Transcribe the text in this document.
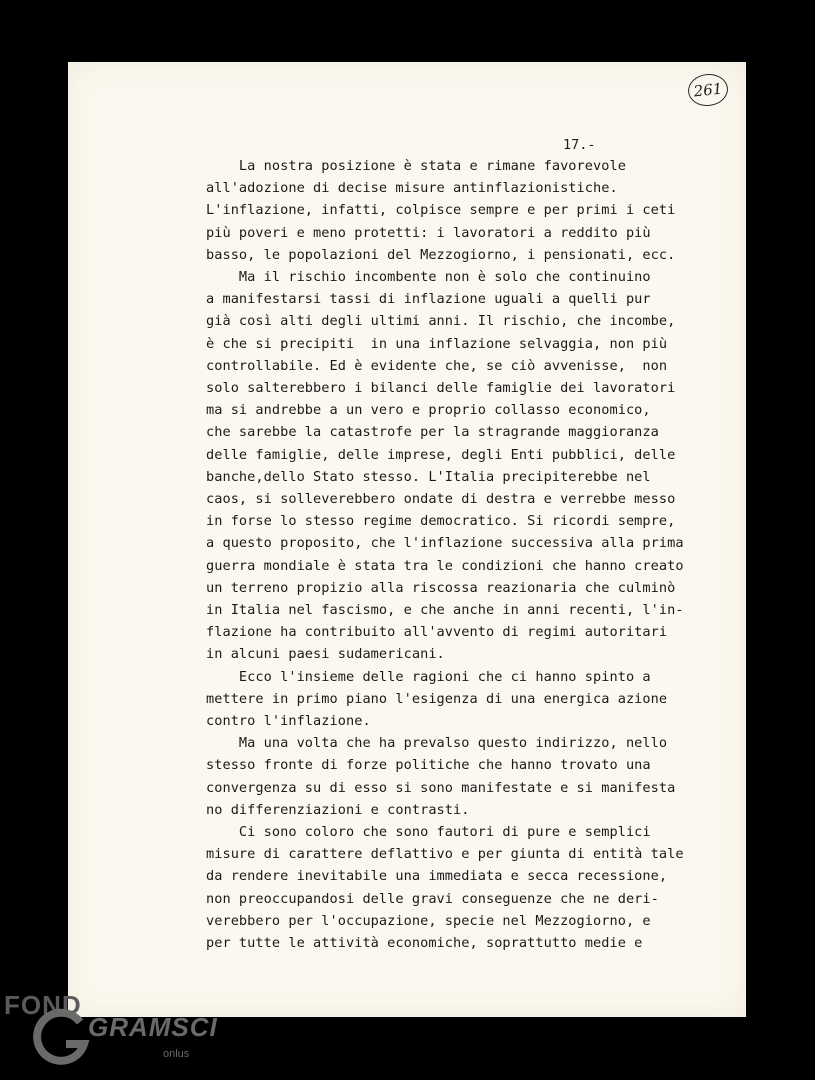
261
17.-
La nostra posizione è stata e rimane favorevole
all'adozione di decise misure antinflazionistiche.
L'inflazione, infatti, colpisce sempre e per primi i ceti
più poveri e meno protetti: i lavoratori a reddito più
basso, le popolazioni del Mezzogiorno, i pensionati, ecc.
Ma il rischio incombente non è solo che continuino
a manifestarsi tassi di inflazione uguali a quelli pur
già così alti degli ultimi anni. Il rischio, che incombe,
è che si precipiti  in una inflazione selvaggia, non più
controllabile. Ed è evidente che, se ciò avvenisse,  non
solo salterebbero i bilanci delle famiglie dei lavoratori
ma si andrebbe a un vero e proprio collasso economico,
che sarebbe la catastrofe per la stragrande maggioranza
delle famiglie, delle imprese, degli Enti pubblici, delle
banche,dello Stato stesso. L'Italia precipiterebbe nel
caos, si solleverebbero ondate di destra e verrebbe messo
in forse lo stesso regime democratico. Si ricordi sempre,
a questo proposito, che l'inflazione successiva alla prima
guerra mondiale è stata tra le condizioni che hanno creato
un terreno propizio alla riscossa reazionaria che culminò
in Italia nel fascismo, e che anche in anni recenti, l'in-
flazione ha contribuito all'avvento di regimi autoritari
in alcuni paesi sudamericani.
Ecco l'insieme delle ragioni che ci hanno spinto a
mettere in primo piano l'esigenza di una energica azione
contro l'inflazione.
Ma una volta che ha prevalso questo indirizzo, nello
stesso fronte di forze politiche che hanno trovato una
convergenza su di esso si sono manifestate e si manifesta
no differenziazioni e contrasti.
Ci sono coloro che sono fautori di pure e semplici
misure di carattere deflattivo e per giunta di entità tale
da rendere inevitabile una immediata e secca recessione,
non preoccupandosi delle gravi conseguenze che ne deri-
verebbero per l'occupazione, specie nel Mezzogiorno, e
per tutte le attività economiche, soprattutto medie e
FOND
GRAMSCI
onlus
